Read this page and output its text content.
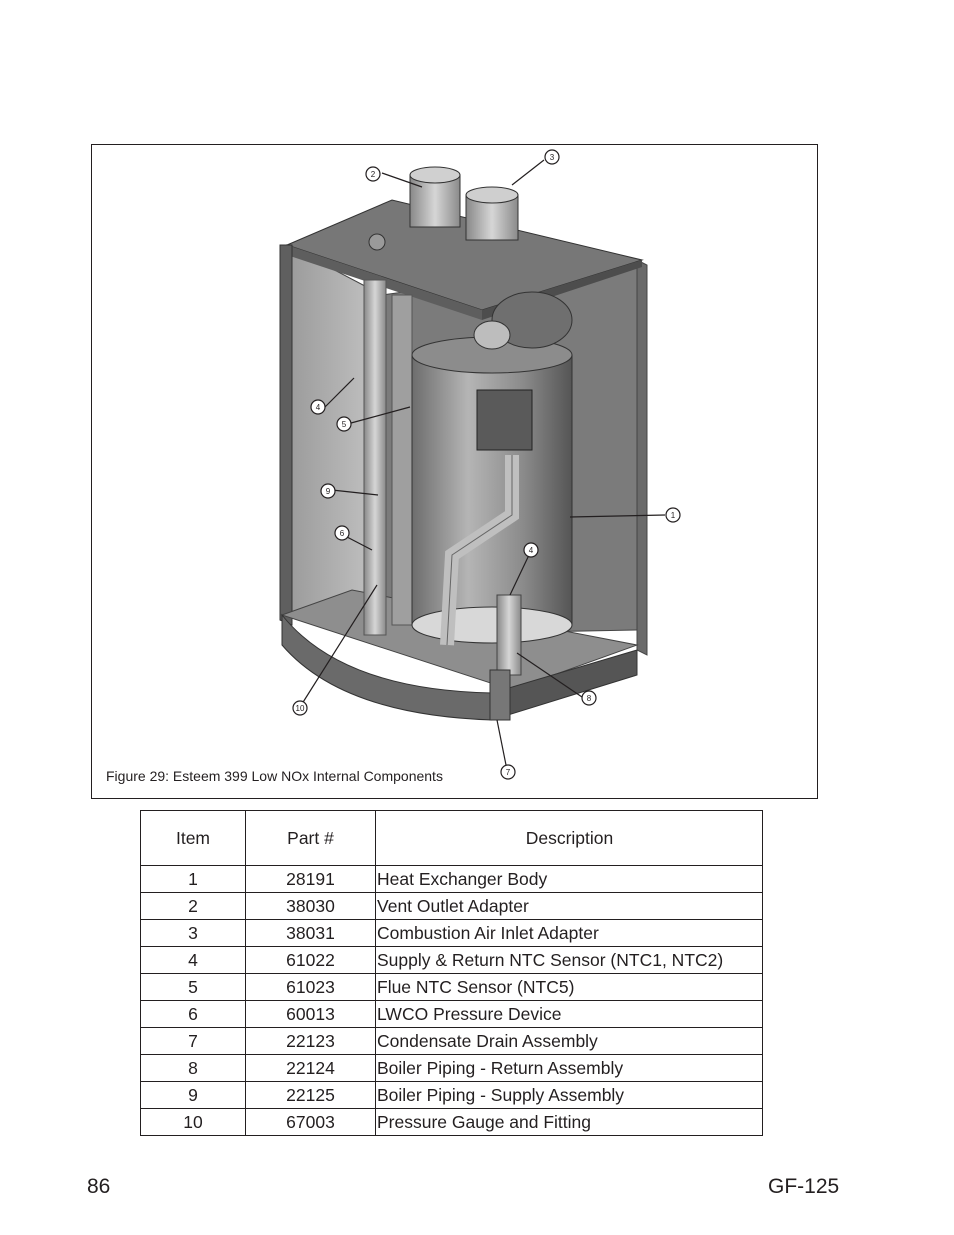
2
3
4
5
9
6
1
4
8
10
7
Figure 29: Esteem 399 Low NOx Internal Components
Item	Part #	Description
1	28191	Heat Exchanger Body
2	38030	Vent Outlet Adapter
3	38031	Combustion Air Inlet Adapter
4	61022	Supply & Return NTC Sensor (NTC1, NTC2)
5	61023	Flue NTC Sensor (NTC5)
6	60013	LWCO Pressure Device
7	22123	Condensate Drain Assembly
8	22124	Boiler Piping - Return Assembly
9	22125	Boiler Piping - Supply Assembly
10	67003	Pressure Gauge and Fitting
86	GF-125
